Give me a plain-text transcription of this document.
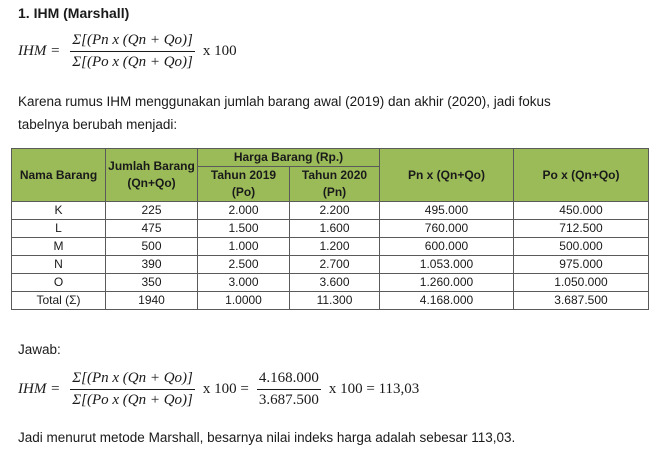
1. IHM (Marshall)
IHM = $\frac{\text{Σ[(Pn x (Qn + Qo)]}}{\text{Σ[(Po x (Qn + Qo)]}}$ x 100
Karena rumus IHM menggunakan jumlah barang awal (2019) dan akhir (2020), jadi fokus
tabelnya berubah menjadi:
Nama Barang	Jumlah Barang (Qn+Qo)	Harga Barang (Rp.)		Pn x (Qn+Qo)	Po x (Qn+Qo)
		Tahun 2019 (Po)	Tahun 2020 (Pn)		
K	225	2.000	2.200	495.000	450.000
L	475	1.500	1.600	760.000	712.500
M	500	1.000	1.200	600.000	500.000
N	390	2.500	2.700	1.053.000	975.000
O	350	3.000	3.600	1.260.000	1.050.000
Total (Σ)	1940	1.0000	11.300	4.168.000	3.687.500
Jawab:
IHM = $\frac{\text{Σ[(Pn x (Qn + Qo)]}}{\text{Σ[(Po x (Qn + Qo)]}}$ x $100 = \frac{4.168.000}{3.687.500}$ x 100 = 113,03
Jadi menurut metode Marshall, besarnya nilai indeks harga adalah sebesar 113,03.
